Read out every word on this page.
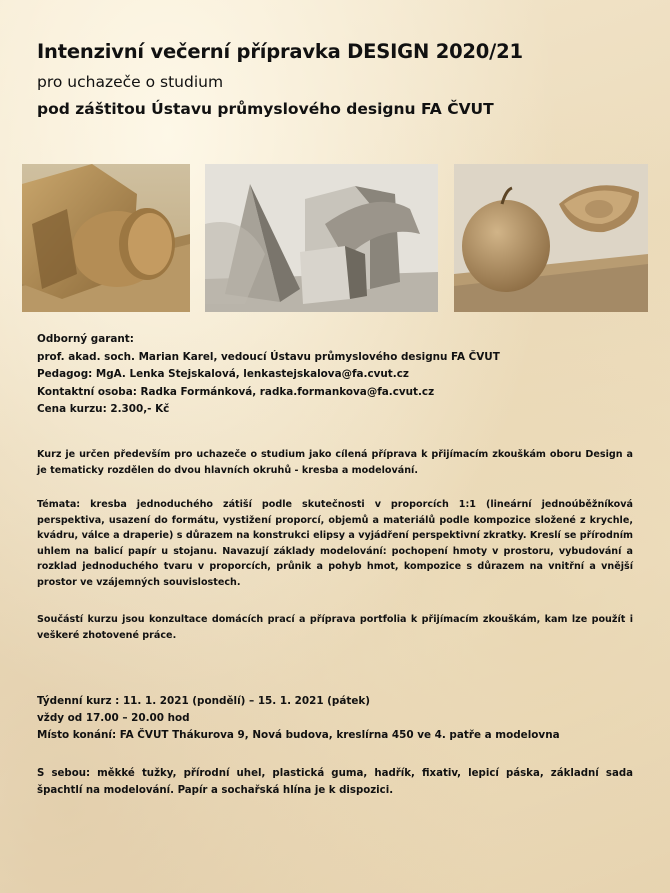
Intenzivní večerní přípravka DESIGN 2020/21
pro uchazeče o studium
pod záštitou Ústavu průmyslového designu FA ČVUT
Odborný garant:
prof. akad. soch. Marian Karel, vedoucí Ústavu průmyslového designu FA ČVUT
Pedagog: MgA. Lenka Stejskalová, lenkastejskalova@fa.cvut.cz
Kontaktní osoba: Radka Formánková, radka.formankova@fa.cvut.cz
Cena kurzu: 2.300,- Kč
Kurz je určen především pro uchazeče o studium jako cílená příprava k přijímacím zkouškám oboru Design a je tematicky rozdělen do dvou hlavních okruhů - kresba a modelování.
Témata: kresba jednoduchého zátiší podle skutečnosti v proporcích 1:1 (lineární jednoúběžníková perspektiva, usazení do formátu, vystižení proporcí, objemů a materiálů podle kompozice složené z krychle, kvádru, válce a draperie) s důrazem na konstrukci elipsy a vyjádření perspektivní zkratky. Kreslí se přírodním uhlem na balicí papír u stojanu. Navazují základy modelování: pochopení hmoty v prostoru, vybudování a rozklad jednoduchého tvaru v proporcích, průnik a pohyb hmot, kompozice s důrazem na vnitřní a vnější prostor ve vzájemných souvislostech.
Součástí kurzu jsou konzultace domácích prací a příprava portfolia k přijímacím zkouškám, kam lze použít i veškeré zhotovené práce.
Týdenní kurz : 11. 1. 2021 (pondělí) – 15. 1. 2021 (pátek)
vždy od 17.00 – 20.00 hod
Místo konání: FA ČVUT Thákurova 9, Nová budova, kreslírna 450 ve 4. patře a modelovna
S sebou: měkké tužky, přírodní uhel, plastická guma, hadřík, fixativ, lepicí páska, základní sada špachtlí na modelování. Papír a sochařská hlína je k dispozici.
